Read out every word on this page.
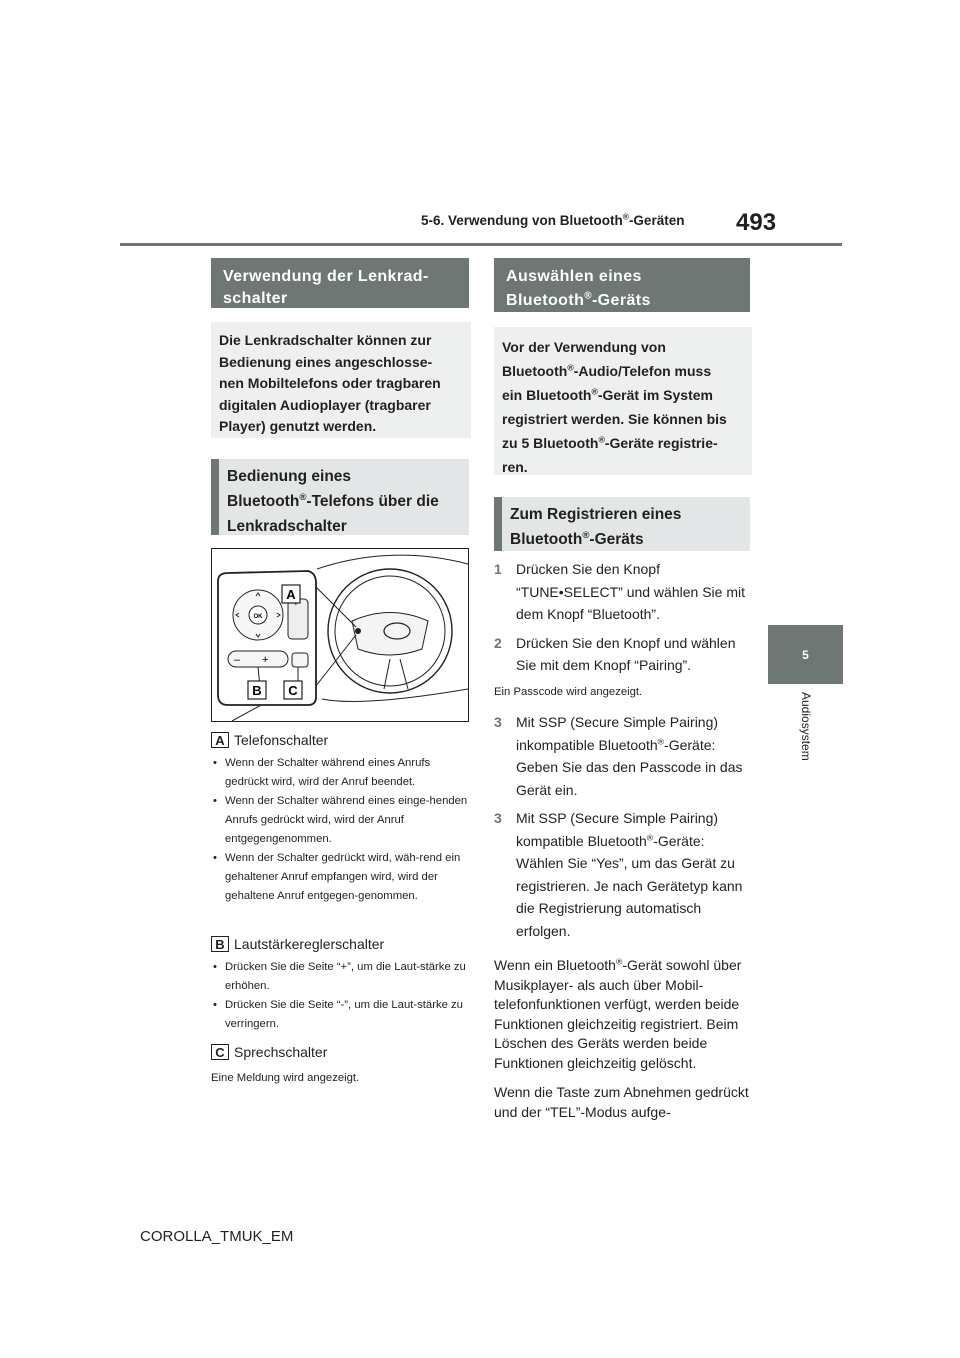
5-6. Verwendung von Bluetooth®-Geräten 493
5
Audiosystem
Verwendung der Lenkrad-
schalter
Die Lenkradschalter können zur
Bedienung eines angeschlosse-
nen Mobiltelefons oder tragbaren
digitalen Audioplayer (tragbarer
Player) genutzt werden.
Bedienung eines
Bluetooth®-Telefons über die
Lenkradschalter
OK
– +
A
B C
A Telefonschalter
• Wenn der Schalter während eines Anrufs gedrückt wird, wird der Anruf beendet.
• Wenn der Schalter während eines einge-henden Anrufs gedrückt wird, wird der Anruf entgegengenommen.
• Wenn der Schalter gedrückt wird, wäh-rend ein gehaltener Anruf empfangen wird, wird der gehaltene Anruf entgegen-genommen.
B Lautstärkereglerschalter
• Drücken Sie die Seite “+”, um die Laut-stärke zu erhöhen.
• Drücken Sie die Seite “-”, um die Laut-stärke zu verringern.
C Sprechschalter
Eine Meldung wird angezeigt.
Auswählen eines
Bluetooth®-Geräts
Vor der Verwendung von
Bluetooth®-Audio/Telefon muss
ein Bluetooth®-Gerät im System
registriert werden. Sie können bis
zu 5 Bluetooth®-Geräte registrie-
ren.
Zum Registrieren eines
Bluetooth®-Geräts
1	Drücken Sie den Knopf “TUNE•SELECT” und wählen Sie mit dem Knopf “Bluetooth”.
2	Drücken Sie den Knopf und wählen Sie mit dem Knopf “Pairing”.
Ein Passcode wird angezeigt.
3	Mit SSP (Secure Simple Pairing) inkompatible Bluetooth®-Geräte: Geben Sie das den Passcode in das Gerät ein.
3	Mit SSP (Secure Simple Pairing) kompatible Bluetooth®-Geräte: Wählen Sie “Yes”, um das Gerät zu registrieren. Je nach Gerätetyp kann die Registrierung automatisch erfolgen.

Wenn ein Bluetooth®-Gerät sowohl über Musikplayer- als auch über Mobil-telefonfunktionen verfügt, werden beide Funktionen gleichzeitig registriert. Beim Löschen des Geräts werden beide Funktionen gleichzeitig gelöscht.

Wenn die Taste zum Abnehmen gedrückt und der “TEL”-Modus aufge-

COROLLA_TMUK_EM
